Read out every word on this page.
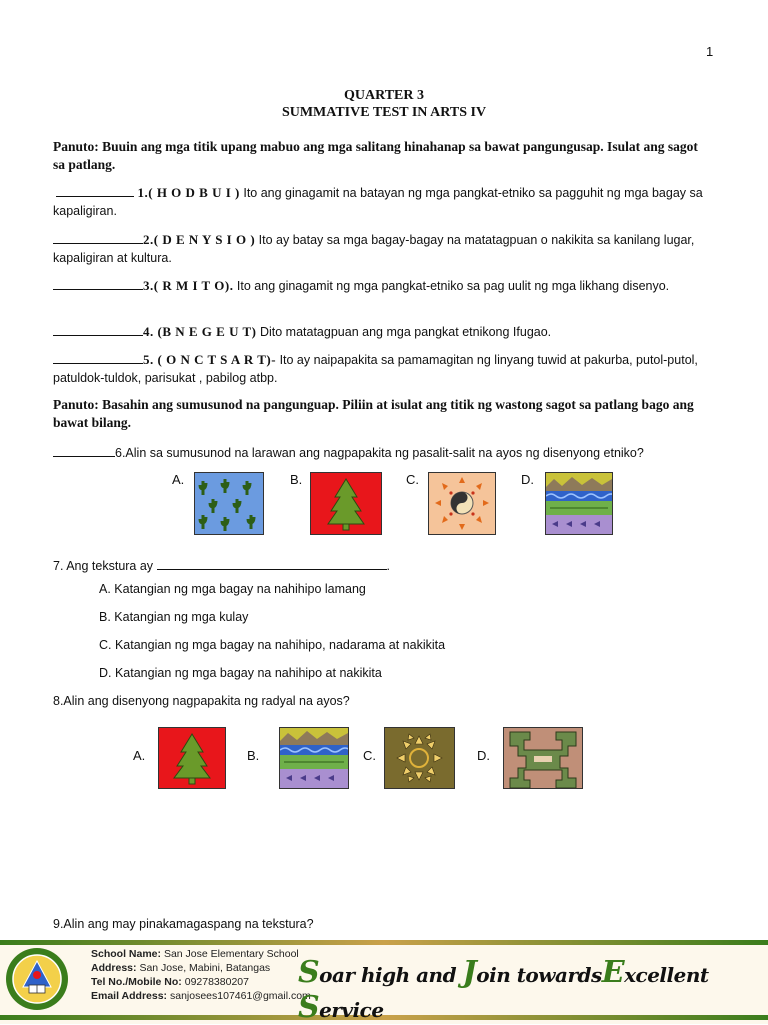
1
QUARTER 3
SUMMATIVE TEST IN ARTS IV
Panuto: Buuin ang mga titik upang mabuo ang mga salitang hinahanap sa bawat pangungusap. Isulat ang sagot sa patlang.
1.( H O D B U I ) Ito ang ginagamit na batayan ng mga pangkat-etniko sa pagguhit ng mga bagay sa kapaligiran.
2.( D E N Y S I O ) Ito ay batay sa mga bagay-bagay na matatagpuan o nakikita sa kanilang lugar, kapaligiran at kultura.
3.( R M I T O). Ito ang ginagamit ng mga pangkat-etniko sa pag uulit ng mga likhang disenyo.
4. (B N E G E U T) Dito matatagpuan ang mga pangkat etnikong Ifugao.
5. ( O N C T S A R T)- Ito ay naipapakita sa pamamagitan ng linyang tuwid at pakurba, putol-putol, patuldok-tuldok, parisukat , pabilog atbp.
Panuto: Basahin ang sumusunod na pangunguap. Piliin at isulat ang titik ng wastong sagot sa patlang bago ang bawat bilang.
6.Alin sa sumusunod na larawan ang nagpapakita ng pasalit-salit na ayos ng disenyong etniko?
A.	B.	C.	D.
7. Ang tekstura ay	.
A. Katangian ng mga bagay na nahihipo lamang
B. Katangian ng mga kulay
C. Katangian ng mga bagay na nahihipo, nadarama at nakikita
D. Katangian ng mga bagay na nahihipo at nakikita
8.Alin ang disenyong nagpapakita ng radyal na ayos?
A.	B.	C.	D.
9.Alin ang may pinakamagaspang na tekstura?
School Name: San Jose Elementary School
Address: San Jose, Mabini, Batangas
Tel No./Mobile No: 09278380207
Email Address: sanjosees107461@gmail.com
Soar high and Join towardsExcellent Service
